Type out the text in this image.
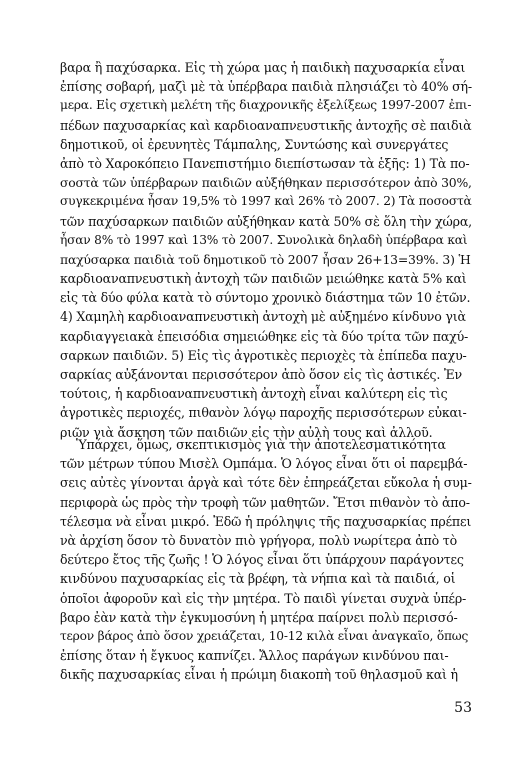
βαρα ἢ παχύσαρκα. Εἰς τὴ χώρα μας ἡ παιδικὴ παχυσαρκία εἶναι
ἐπίσης σοβαρή, μαζὶ μὲ τὰ ὑπέρβαρα παιδιὰ πλησιάζει τὸ 40% σή-
μερα. Εἰς σχετικὴ μελέτη τῆς διαχρονικῆς ἐξελίξεως 1997-2007 ἐπι-
πέδων παχυσαρκίας καὶ καρδιοαναπνευστικῆς ἀντοχῆς σὲ παιδιὰ
δημοτικοῦ, οἱ ἐρευνητὲς Τάμπαλης, Συντώσης καὶ συνεργάτες
ἀπὸ τὸ Χαροκόπειο Πανεπιστήμιο διεπίστωσαν τὰ ἑξῆς: 1) Τὰ πο-
σοστὰ τῶν ὑπέρβαρων παιδιῶν αὐξήθηκαν περισσότερον ἀπὸ 30%,
συγκεκριμένα ἦσαν 19,5% τὸ 1997 καὶ 26% τὸ 2007. 2) Τὰ ποσοστὰ
τῶν παχύσαρκων παιδιῶν αὐξήθηκαν κατὰ 50% σὲ ὅλη τὴν χώρα,
ἦσαν 8% τὸ 1997 καὶ 13% τὸ 2007. Συνολικὰ δηλαδὴ ὑπέρβαρα καὶ
παχύσαρκα παιδιὰ τοῦ δημοτικοῦ τὸ 2007 ἦσαν 26+13=39%. 3) Ἡ
καρδιοαναπνευστικὴ ἀντοχὴ τῶν παιδιῶν μειώθηκε κατὰ 5% καὶ
εἰς τὰ δύο φύλα κατὰ τὸ σύντομο χρονικὸ διάστημα τῶν 10 ἐτῶν.
4) Χαμηλὴ καρδιοαναπνευστικὴ ἀντοχὴ μὲ αὐξημένο κίνδυνο γιὰ
καρδιαγγειακὰ ἐπεισόδια σημειώθηκε εἰς τὰ δύο τρίτα τῶν παχύ-
σαρκων παιδιῶν. 5) Εἰς τὶς ἀγροτικὲς περιοχὲς τὰ ἐπίπεδα παχυ-
σαρκίας αὐξάνονται περισσότερον ἀπὸ ὅσον εἰς τὶς ἀστικές. Ἐν
τούτοις, ἡ καρδιοαναπνευστικὴ ἀντοχὴ εἶναι καλύτερη εἰς τὶς
ἀγροτικὲς περιοχές, πιθανὸν λόγῳ παροχῆς περισσότερων εὐκαι-
ριῶν γιὰ ἄσκηση τῶν παιδιῶν εἰς τὴν αὐλὴ τους καὶ ἀλλοῦ.
Ὑπάρχει, ὅμως, σκεπτικισμὸς γιὰ τὴν ἀποτελεσματικότητα
τῶν μέτρων τύπου Μισὲλ Ομπάμα. Ὁ λόγος εἶναι ὅτι οἱ παρεμβά-
σεις αὐτὲς γίνονται ἀργὰ καὶ τότε δὲν ἐπηρεάζεται εὔκολα ἡ συμ-
περιφορὰ ὡς πρὸς τὴν τροφὴ τῶν μαθητῶν. Ἔτσι πιθανὸν τὸ ἀπο-
τέλεσμα νὰ εἶναι μικρό. Ἐδῶ ἡ πρόληψις τῆς παχυσαρκίας πρέπει
νὰ ἀρχίση ὅσον τὸ δυνατὸν πιὸ γρήγορα, πολὺ νωρίτερα ἀπὸ τὸ
δεύτερο ἔτος τῆς ζωῆς ! Ὁ λόγος εἶναι ὅτι ὑπάρχουν παράγοντες
κινδύνου παχυσαρκίας εἰς τὰ βρέφη, τὰ νήπια καὶ τὰ παιδιά, οἱ
ὁποῖοι ἀφοροῦν καὶ εἰς τὴν μητέρα. Τὸ παιδὶ γίνεται συχνὰ ὑπέρ-
βαρο ἐὰν κατὰ τὴν ἐγκυμοσύνη ἡ μητέρα παίρνει πολὺ περισσό-
τερον βάρος ἀπὸ ὅσον χρειάζεται, 10-12 κιλὰ εἶναι ἀναγκαῖο, ὅπως
ἐπίσης ὅταν ἡ ἔγκυος καπνίζει. Ἄλλος παράγων κινδύνου παι-
δικῆς παχυσαρκίας εἶναι ἡ πρώιμη διακοπὴ τοῦ θηλασμοῦ καὶ ἡ
53
